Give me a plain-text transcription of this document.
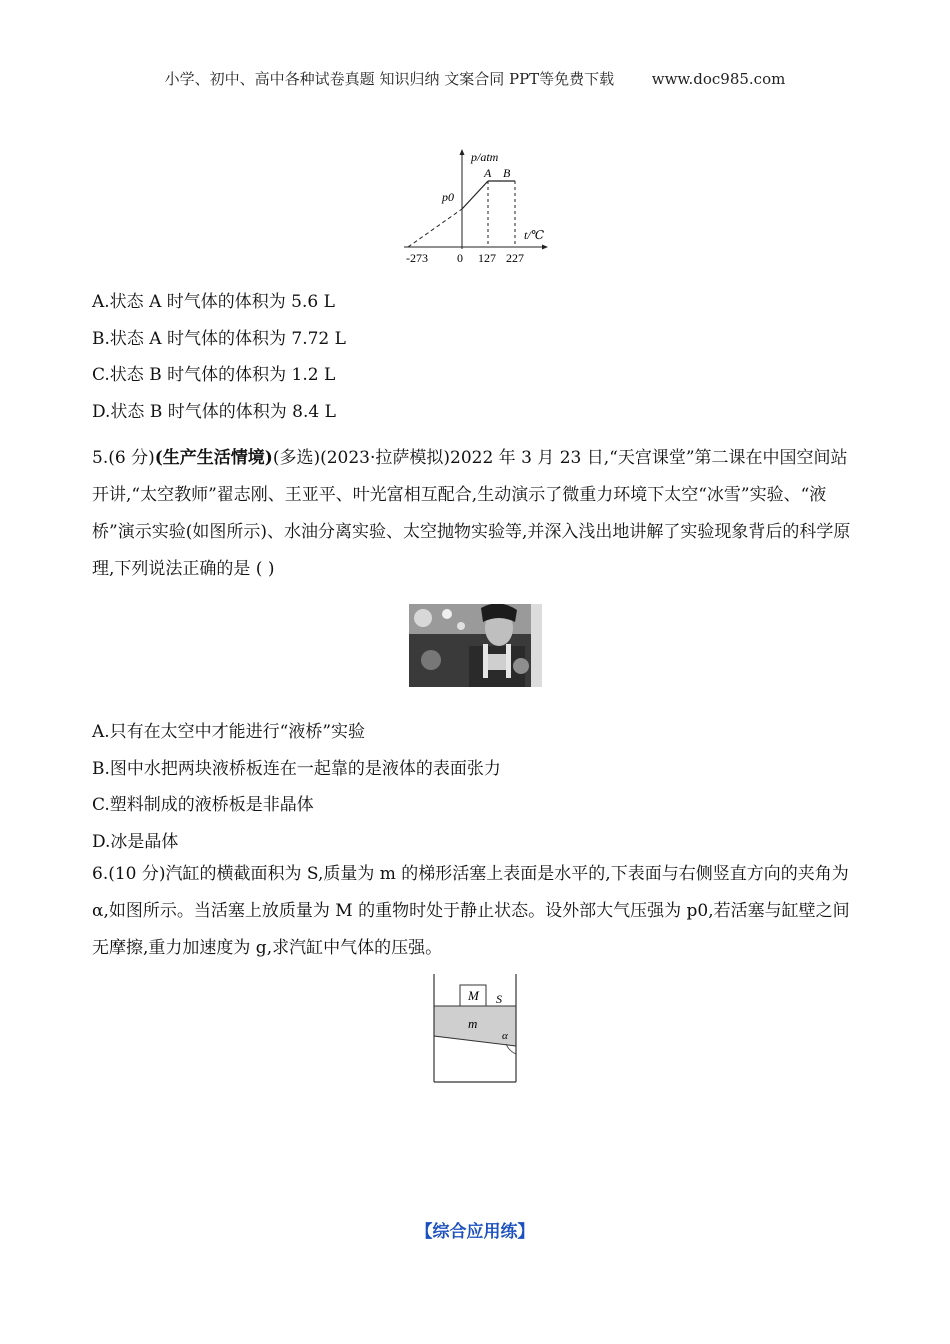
小学、初中、高中各种试卷真题 知识归纳 文案合同 PPT等免费下载	www.doc985.com
p/atm
t/℃
p0
A B
-273 0 127 227
A.状态 A 时气体的体积为 5.6 L
B.状态 A 时气体的体积为 7.72 L
C.状态 B 时气体的体积为 1.2 L
D.状态 B 时气体的体积为 8.4 L
5.(6 分)(生产生活情境)(多选)(2023·拉萨模拟)2022 年 3 月 23 日,“天宫课堂”第二课在中国空间站开讲,“太空教师”翟志刚、王亚平、叶光富相互配合,生动演示了微重力环境下太空“冰雪”实验、“液桥”演示实验(如图所示)、水油分离实验、太空抛物实验等,并深入浅出地讲解了实验现象背后的科学原理,下列说法正确的是 ( )
A.只有在太空中才能进行“液桥”实验
B.图中水把两块液桥板连在一起靠的是液体的表面张力
C.塑料制成的液桥板是非晶体
D.冰是晶体
6.(10 分)汽缸的横截面积为 S,质量为 m 的梯形活塞上表面是水平的,下表面与右侧竖直方向的夹角为 α,如图所示。当活塞上放质量为 M 的重物时处于静止状态。设外部大气压强为 p0,若活塞与缸壁之间无摩擦,重力加速度为 g,求汽缸中气体的压强。
M S
m
α
【综合应用练】
